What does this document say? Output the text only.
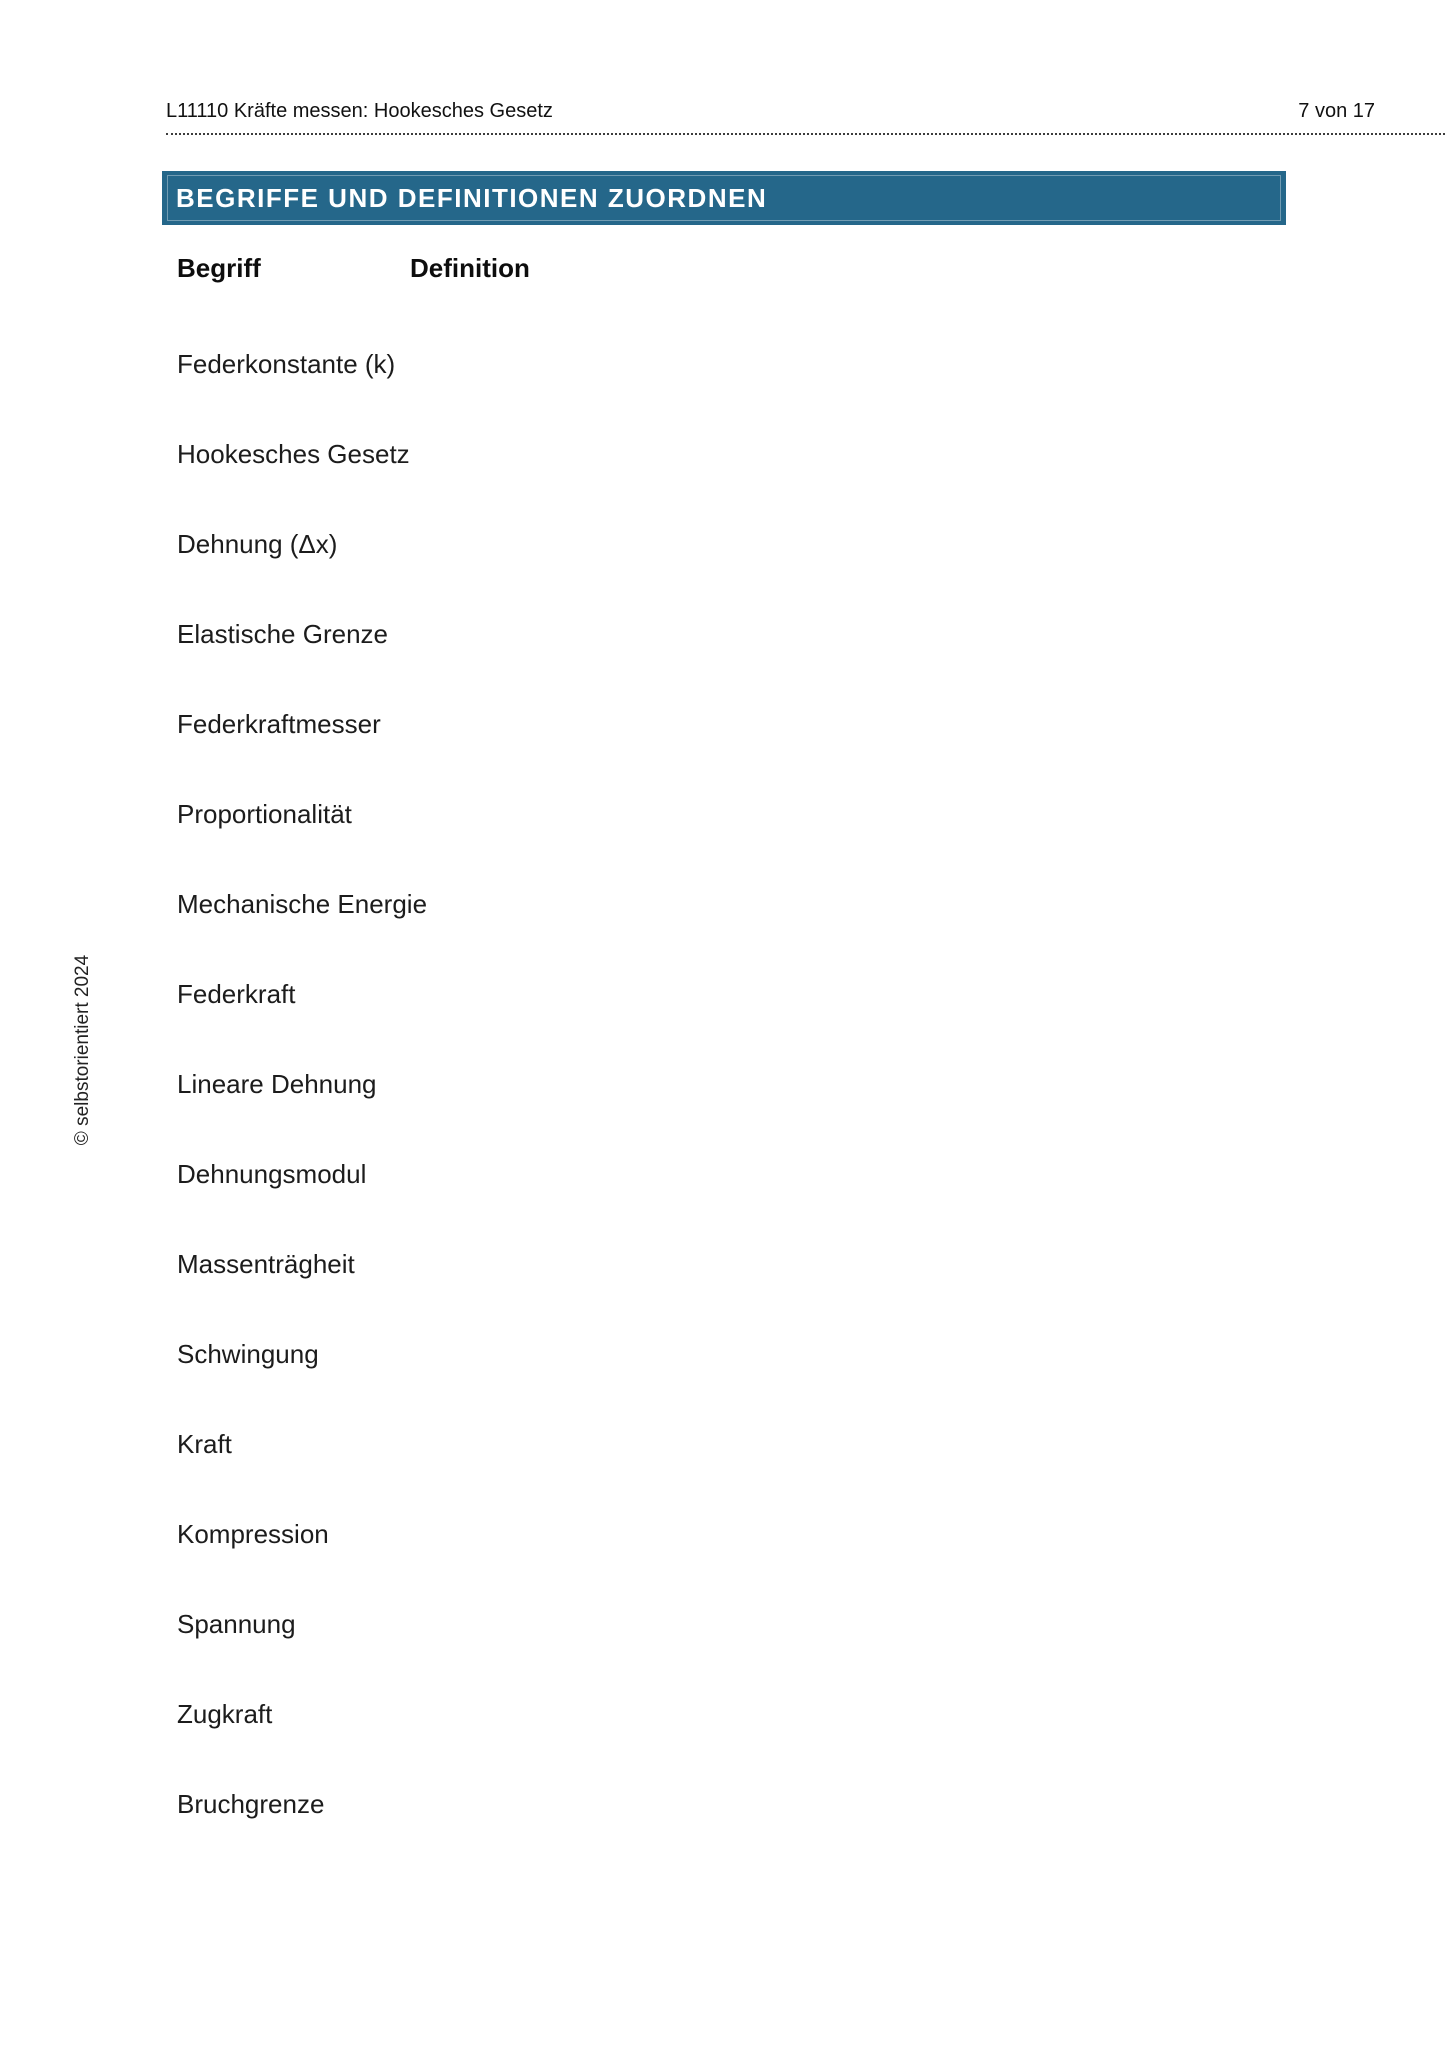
L11110 Kräfte messen: Hookesches Gesetz	7 von 17
BEGRIFFE UND DEFINITIONEN ZUORDNEN
Begriff	Definition
Federkonstante (k)
Hookesches Gesetz
Dehnung (Δx)
Elastische Grenze
Federkraftmesser
Proportionalität
Mechanische Energie
Federkraft
Lineare Dehnung
Dehnungsmodul
Massenträgheit
Schwingung
Kraft
Kompression
Spannung
Zugkraft
Bruchgrenze
© selbstorientiert 2024
